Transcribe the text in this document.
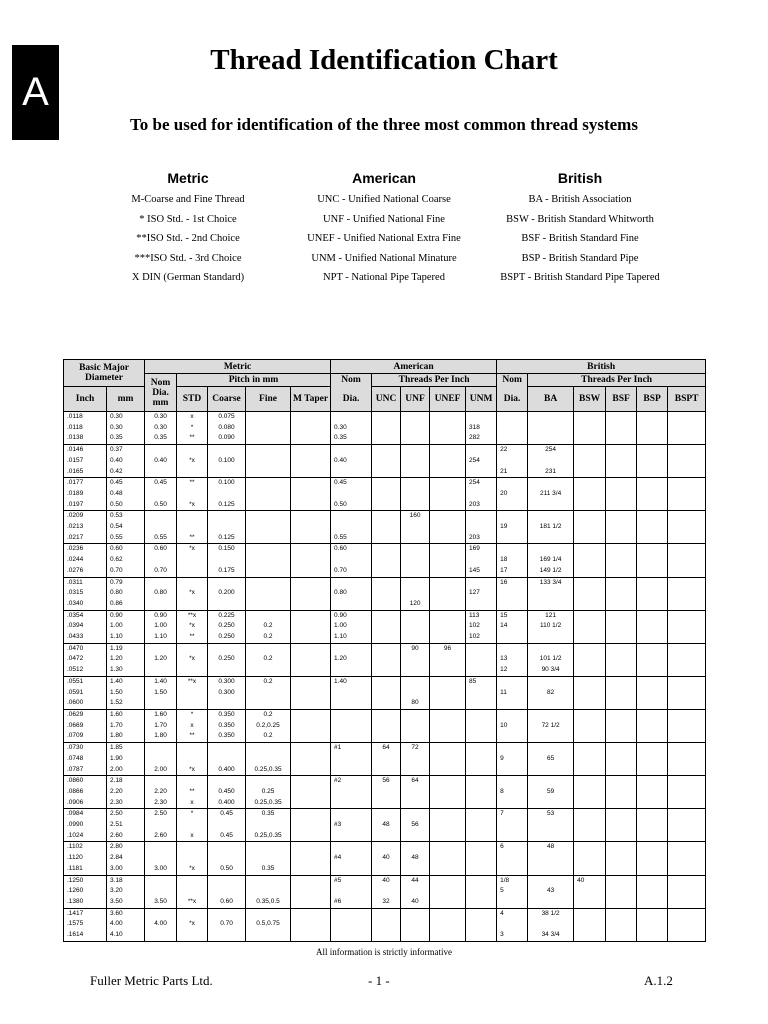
A
Thread Identification Chart
To be used for identification of the three most common thread systems
Metric
M-Coarse and Fine Thread
* ISO Std. - 1st Choice
**ISO Std. - 2nd Choice
***ISO Std. - 3rd Choice
X DIN (German Standard)
American
UNC - Unified National Coarse
UNF - Unified National Fine
UNEF - Unified National Extra Fine
UNM - Unified National Minature
NPT - National Pipe Tapered
British
BA - British Association
BSW - British Standard Whitworth
BSF - British Standard Fine
BSP - British Standard Pipe
BSPT - British Standard Pipe Tapered
Basic Major Diameter		Metric					American					British						
		Nom Dia. mm	Pitch in mm				Nom	Threads Per Inch				Nom	Threads Per Inch					
Inch	mm		STD	Coarse	Fine	M Taper	Dia.	UNC	UNF	UNEF	UNM	Dia.	BA	BSW	BSF	BSP	BSPT	
.0118	0.30	0.30	x	0.075														
.0118	0.30	0.30	*	0.080			0.30				318							
.0138	0.35	0.35	**	0.090			0.35				282							
.0146	0.37											22	254					
.0157	0.40	0.40	*x	0.100			0.40				254							
.0165	0.42											21	231					
.0177	0.45	0.45	**	0.100			0.45				254							
.0189	0.48											20	211 3/4					
.0197	0.50	0.50	*x	0.125			0.50				203							
.0209	0.53								160									
.0213	0.54											19	181 1/2					
.0217	0.55	0.55	**	0.125			0.55				203							
.0236	0.60	0.60	*x	0.150			0.60				169							
.0244	0.62											18	169 1/4					
.0276	0.70	0.70		0.175			0.70				145	17	149 1/2					
.0311	0.79											16	133 3/4					
.0315	0.80	0.80	*x	0.200			0.80				127							
.0340	0.86								120									
.0354	0.90	0.90	**x	0.225			0.90				113	15	121					
.0394	1.00	1.00	*x	0.250	0.2		1.00				102	14	110 1/2					
.0433	1.10	1.10	**	0.250	0.2		1.10				102							
.0470	1.19								90	96								
.0472	1.20	1.20	*x	0.250	0.2		1.20					13	101 1/2					
.0512	1.30											12	90 3/4					
.0551	1.40	1.40	**x	0.300	0.2		1.40				85							
.0591	1.50	1.50		0.300								11	82					
.0600	1.52								80									
.0629	1.60	1.60	*	0.350	0.2													
.0669	1.70	1.70	x	0.350	0.2,0.25							10	72 1/2					
.0709	1.80	1.80	**	0.350	0.2													
.0730	1.85						#1	64	72									
.0748	1.90											9	65					
.0787	2.00	2.00	*x	0.400	0.25,0.35													
.0860	2.18						#2	56	64									
.0866	2.20	2.20	**	0.450	0.25							8	59					
.0906	2.30	2.30	x	0.400	0.25,0.35													
.0984	2.50	2.50	*	0.45	0.35							7	53					
.0990	2.51						#3	48	56									
.1024	2.60	2.60	x	0.45	0.25,0.35													
.1102	2.80											6	48					
.1120	2.84						#4	40	48									
.1181	3.00	3.00	*x	0.50	0.35													
.1250	3.18						#5	40	44			1/8		40				
.1260	3.20											5	43					
.1380	3.50	3.50	**x	0.60	0.35,0.5		#6	32	40									
.1417	3.60											4	38 1/2					
.1575	4.00	4.00	*x	0.70	0.5,0.75													
.1614	4.10											3	34 3/4					
All information is strictly informative
Fuller Metric Parts Ltd.	- 1 -	A.1.2
